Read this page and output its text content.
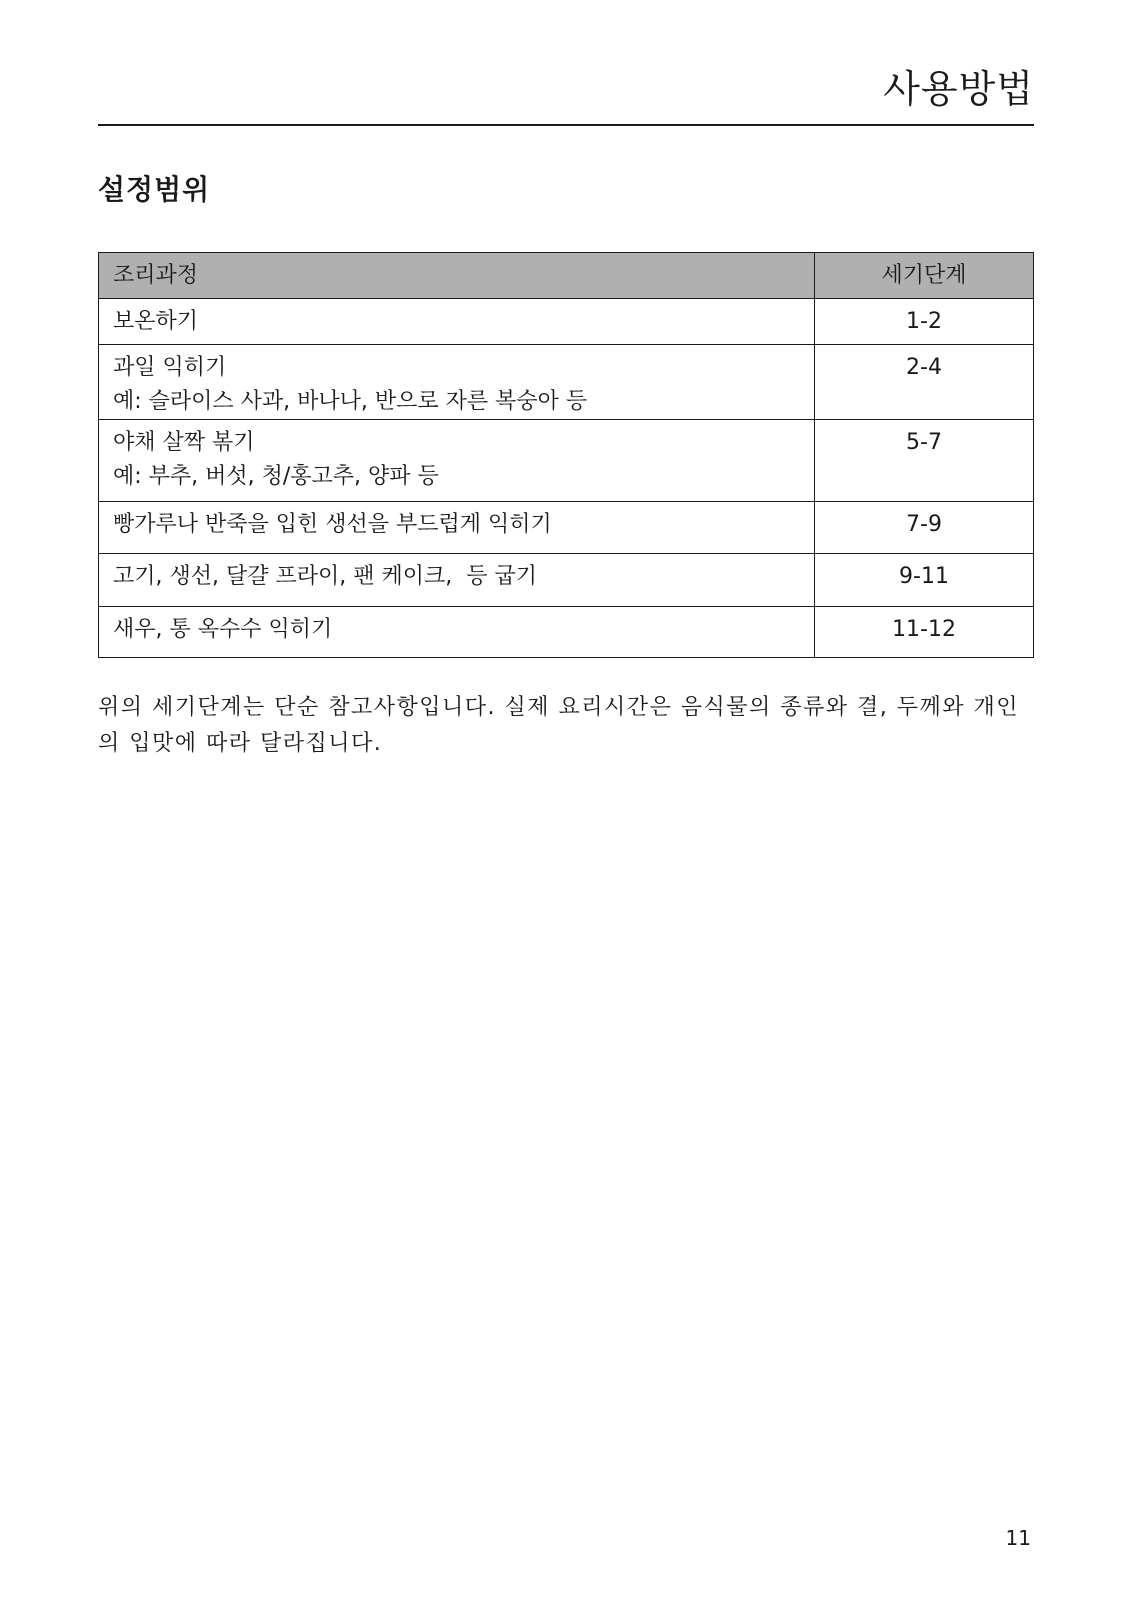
사용방법
설정범위
조리과정	세기단계

보온하기	1-2

과일 익히기
예: 슬라이스 사과, 바나나, 반으로 자른 복숭아 등	2-4

야채 살짝 볶기
예: 부추, 버섯, 청/홍고추, 양파 등	5-7

빵가루나 반죽을 입힌 생선을 부드럽게 익히기	7-9

고기, 생선, 달걀 프라이, 팬 케이크,  등 굽기	9-11

새우, 통 옥수수 익히기	11-12

위의 세기단계는 단순 참고사항입니다. 실제 요리시간은 음식물의 종류와 결, 두께와 개인의 입맛에 따라 달라집니다.

11
